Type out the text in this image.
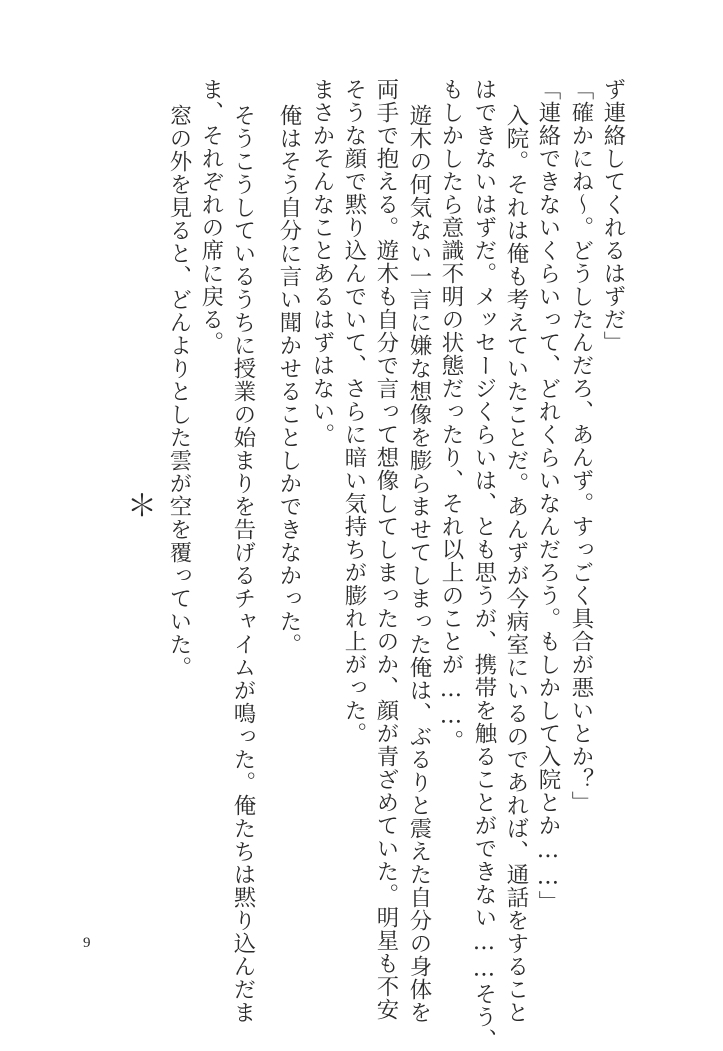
ず連絡してくれるはずだ」
「確かにね〜。どうしたんだろ、あんず。すっごく具合が悪いとか？」
「連絡できないくらいって、どれくらいなんだろう。もしかして入院とか……」
入院。それは俺も考えていたことだ。あんずが今病室にいるのであれば、通話をすること
はできないはずだ。メッセージくらいは、とも思うが、携帯を触ることができない……そう、
もしかしたら意識不明の状態だったり、それ以上のことが……。
遊木の何気ない一言に嫌な想像を膨らませてしまった俺は、ぶるりと震えた自分の身体を
両手で抱える。遊木も自分で言って想像してしまったのか、顔が青ざめていた。明星も不安
そうな顔で黙り込んでいて、さらに暗い気持ちが膨れ上がった。
まさかそんなことあるはずはない。
俺はそう自分に言い聞かせることしかできなかった。
そうこうしているうちに授業の始まりを告げるチャイムが鳴った。俺たちは黙り込んだま
ま、それぞれの席に戻る。
窓の外を見ると、どんよりとした雲が空を覆っていた。
＊
9
